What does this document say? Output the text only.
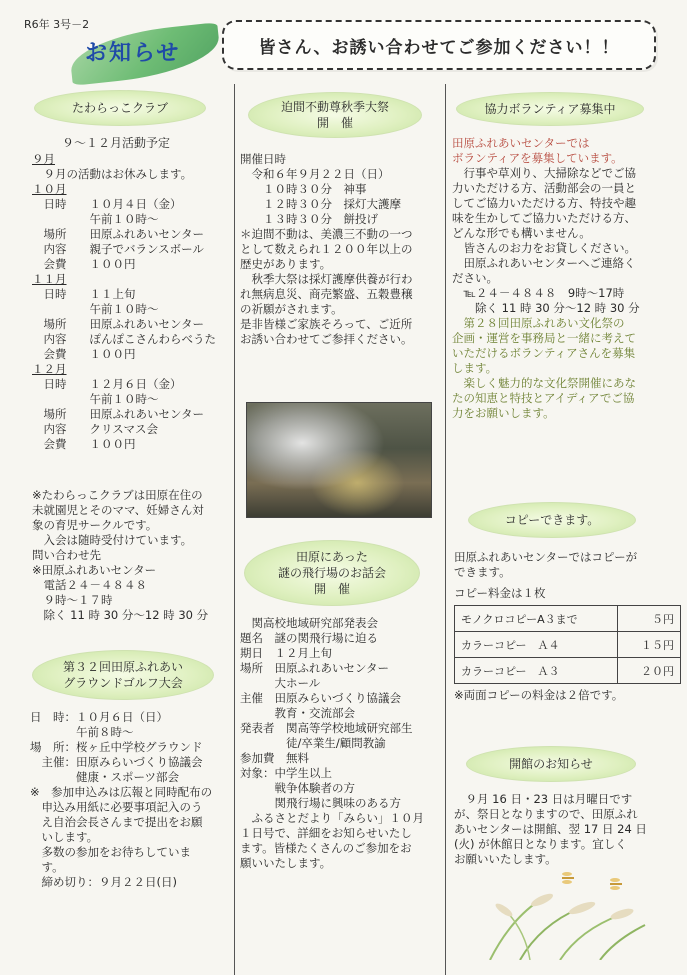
R6年 3号－2
お知らせ	皆さん、お誘い合わせてご参加ください！！
たわらっこクラブ
９～１２月活動予定
９月
　９月の活動はお休みします。
１０月
　日時　　１０月４日（金）
　　　　　午前１０時～
　場所　　田原ふれあいセンター
　内容　　親子でバランスボール
　会費　　１００円
１１月
　日時　　１１上旬
　　　　　午前１０時～
　場所　　田原ふれあいセンター
　内容　　ぽんぽこさんわらべうた
　会費　　１００円
１２月
　日時　　１２月６日（金）
　　　　　午前１０時～
　場所　　田原ふれあいセンター
　内容　　クリスマス会
　会費　　１００円
※たわらっこクラブは田原在住の
未就園児とそのママ、妊婦さん対
象の育児サークルです。
　入会は随時受付けています。
問い合わせ先
※田原ふれあいセンター
　電話２４－４８４８
　９時～１７時
　除く 11 時 30 分～12 時 30 分
第３２回田原ふれあい
グラウンドゴルフ大会
日　時：１０月６日（日）
　　　　午前８時～
場　所：桜ヶ丘中学校グラウンド
　主催：田原みらいづくり協議会
　　　　健康・スポーツ部会
※　参加申込みは広報と同時配布の
　申込み用紙に必要事項記入のう
　え自治会長さんまで提出をお願
　いします。
　多数の参加をお待ちしていま
　す。
　締め切り：９月２２日(日)
迫間不動尊秋季大祭
開　催
開催日時
　令和６年９月２２日（日）
　　１０時３０分　神事
　　１２時３０分　採灯大護摩
　　１３時３０分　餅投げ
＊迫間不動は、美濃三不動の一つ
として数えられ１２００年以上の
歴史があります。
　秋季大祭は採灯護摩供養が行わ
れ無病息災、商売繁盛、五穀豊穣
の祈願がされます。
是非皆様ご家族そろって、ご近所
お誘い合わせてご参拝ください。
田原にあった
謎の飛行場のお話会
開　催
　関高校地域研究部発表会
題名　謎の関飛行場に迫る
期日　１２月上旬
場所　田原ふれあいセンター
　　　大ホール
主催　田原みらいづくり協議会
　　　教育・交流部会
発表者　関高等学校地域研究部生
　　　　徒/卒業生/顧問教諭
参加費　無料
対象：中学生以上
　　　戦争体験者の方
　　　関飛行場に興味のある方
　ふるさとだより「みらい」１０月
１日号で、詳細をお知らせいたし
ます。皆様たくさんのご参加をお
願いいたします。
協力ボランティア募集中
田原ふれあいセンターでは
ボランティアを募集しています。
　行事や草刈り、大掃除などでご協
力いただける方、活動部会の一員と
してご協力いただける方、特技や趣
味を生かしてご協力いただける方、
どんな形でも構いません。
　皆さんのお力をお貸しください。
　田原ふれあいセンターへご連絡く
ださい。
　℡２４－４８４８　9時～17時
　　除く 11 時 30 分～12 時 30 分
　第２８回田原ふれあい文化祭の
企画・運営を事務局と一緒に考えて
いただけるボランティアさんを募集
します。
　楽しく魅力的な文化祭開催にあな
たの知恵と特技とアイディアでご協
力をお願いします。
コピーできます。
田原ふれあいセンターではコピーが
できます。
コピー料金は１枚
モノクロコピーA３まで	５円
カラーコピー　Ａ４	１５円
カラーコピー　Ａ３	２０円
※両面コピーの料金は２倍です。
開館のお知らせ
　９月 16 日・23 日は月曜日です
が、祭日となりますので、田原ふれ
あいセンターは開館、翌 17 日 24 日
(火) が休館日となります。宜しく
お願いいたします。
